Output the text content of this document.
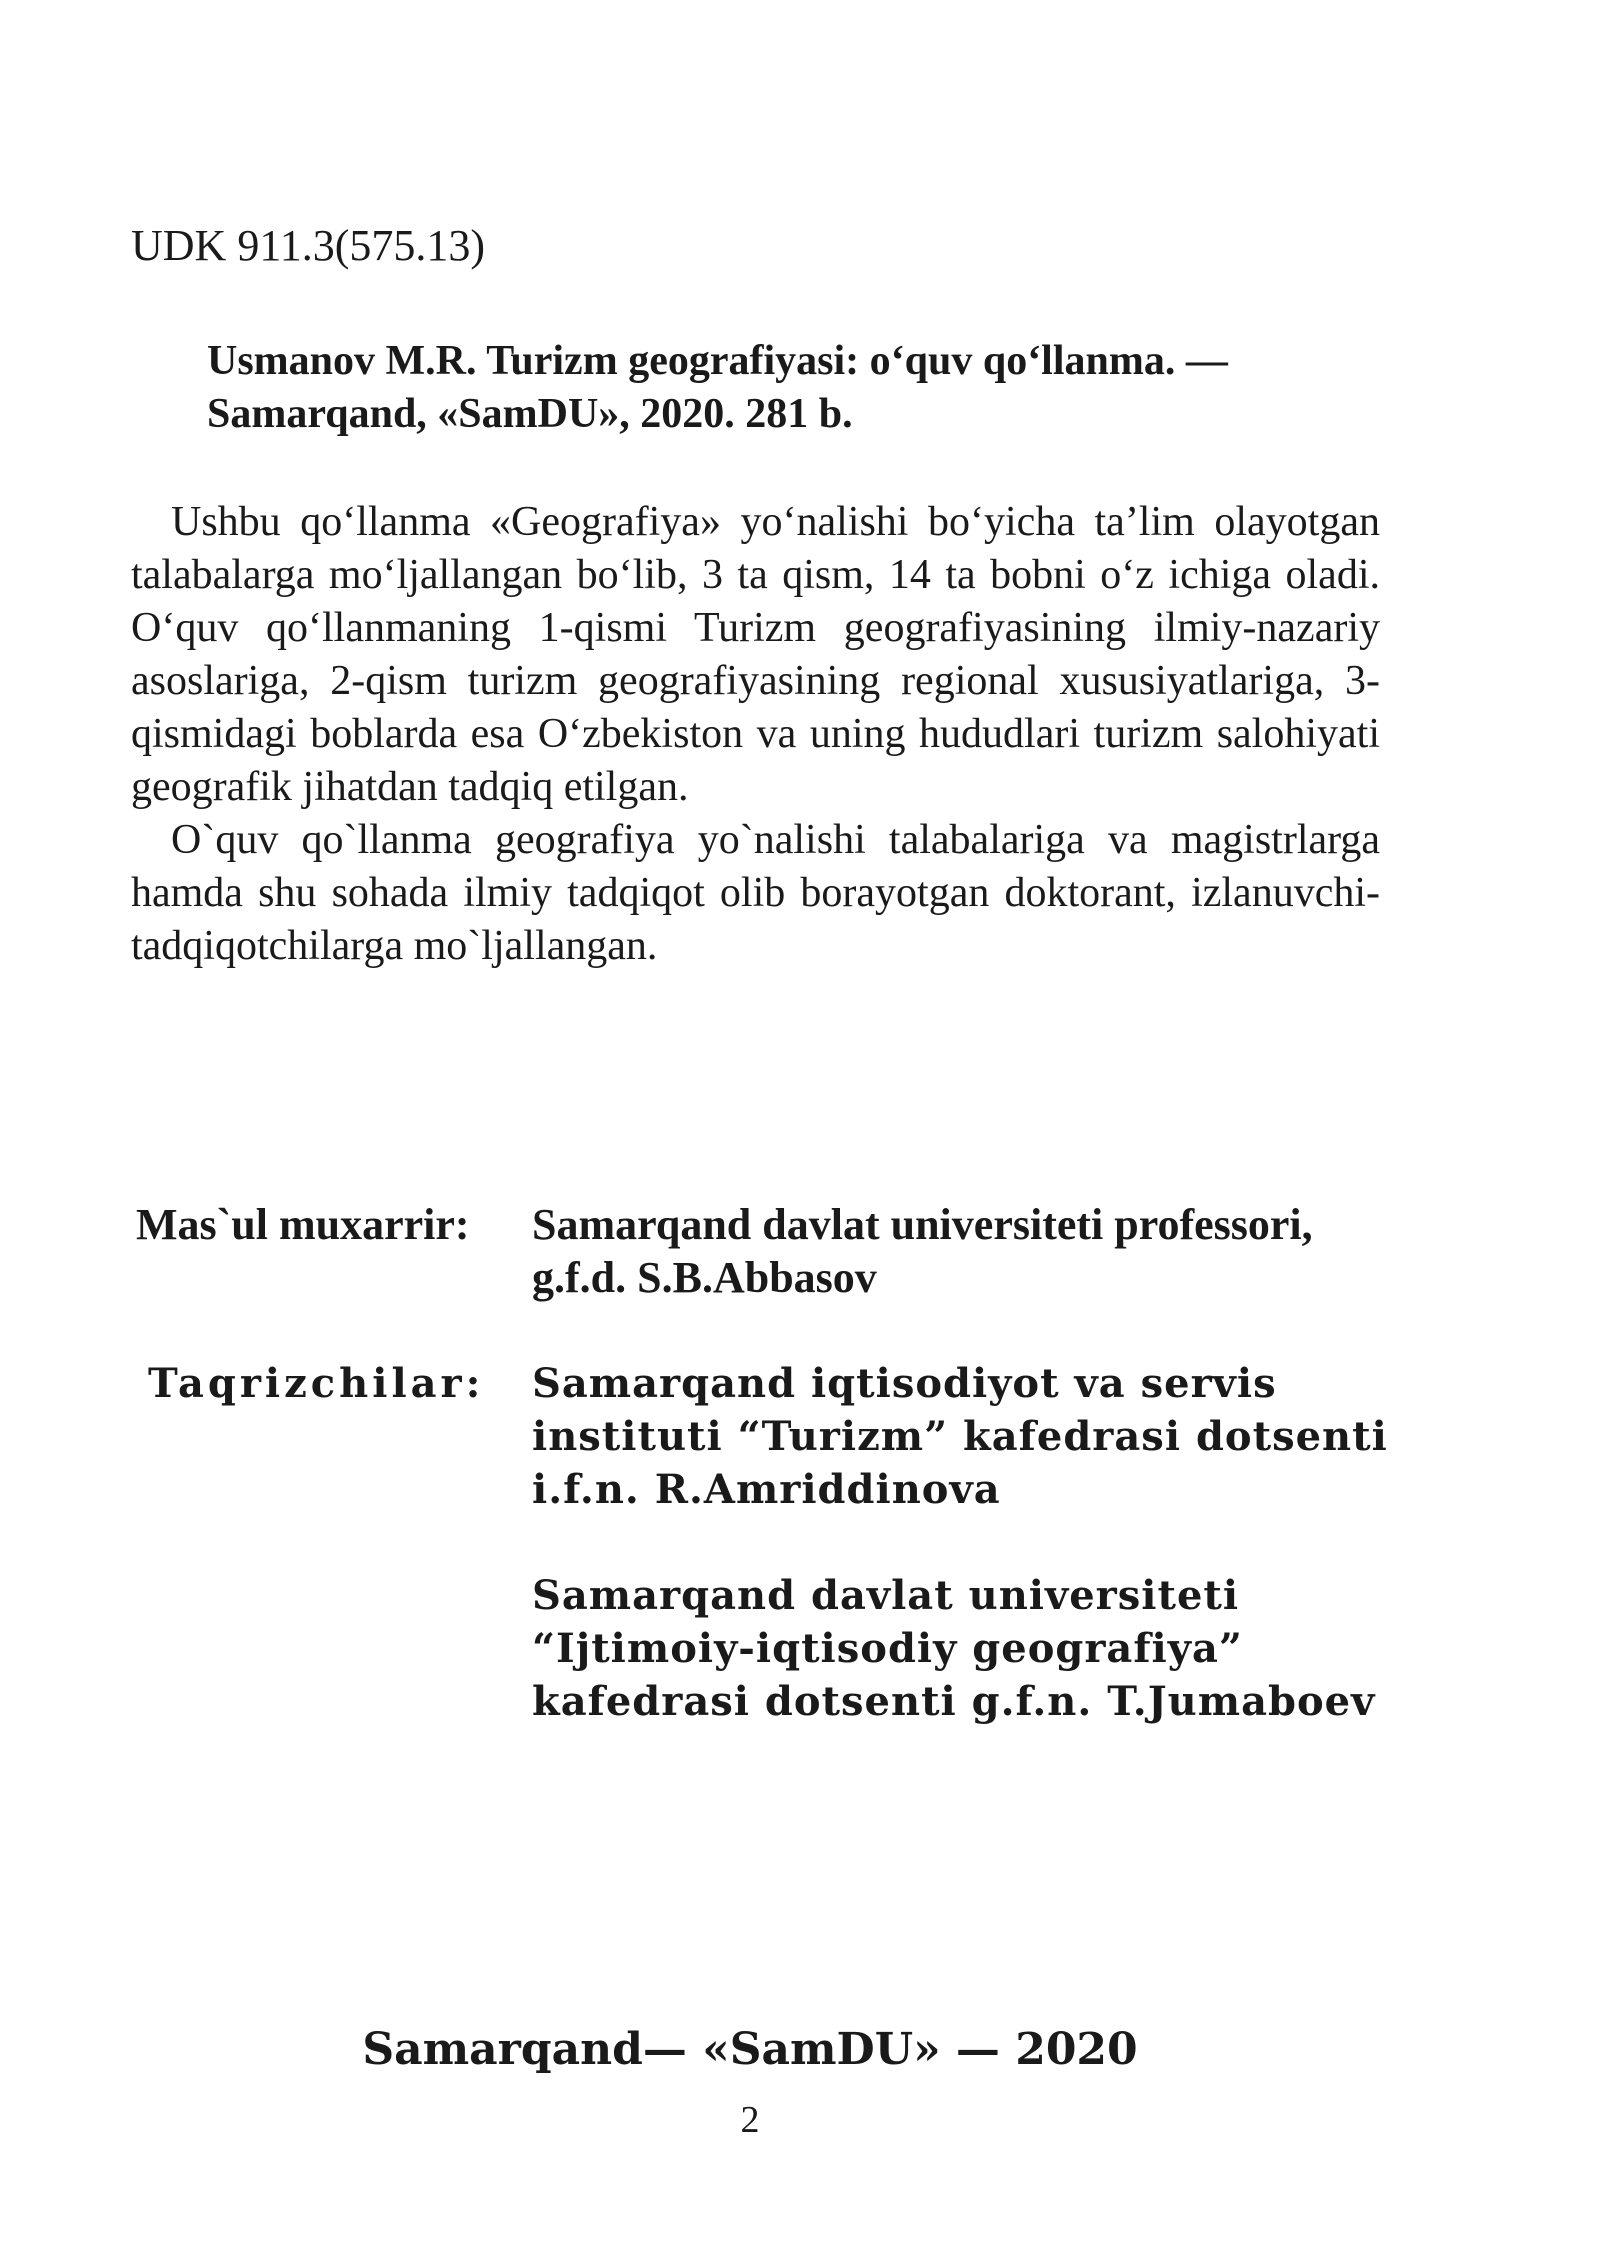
UDK 911.3(575.13)
Usmanov M.R. Turizm geografiyasi: o‘quv qo‘llanma. —
Samarqand, «SamDU», 2020. 281 b.

Ushbu qo‘llanma «Geografiya» yo‘nalishi bo‘yicha ta’lim olayotgan talabalarga mo‘ljallangan bo‘lib, 3 ta qism, 14 ta bobni o‘z ichiga oladi. O‘quv qo‘llanmaning 1-qismi Turizm geografiyasining ilmiy-nazariy asoslariga, 2-qism turizm geografiyasining regional xususiyatlariga, 3-qismidagi boblarda esa O‘zbekiston va uning hududlari turizm salohiyati geografik jihatdan tadqiq etilgan.

O`quv qo`llanma geografiya yo`nalishi talabalariga va magistrlarga hamda shu sohada ilmiy tadqiqot olib borayotgan doktorant, izlanuvchi-tadqiqotchilarga mo`ljallangan.

Mas`ul muxarrir: Samarqand davlat universiteti professori,
g.f.d. S.B.Abbasov
Taqrizchilar: Samarqand iqtisodiyot va servis
instituti “Turizm” kafedrasi dotsenti
i.f.n. R.Amriddinova
Samarqand davlat universiteti
“Ijtimoiy-iqtisodiy geografiya”
kafedrasi dotsenti g.f.n. T.Jumaboev
Samarqand— «SamDU» — 2020
2
